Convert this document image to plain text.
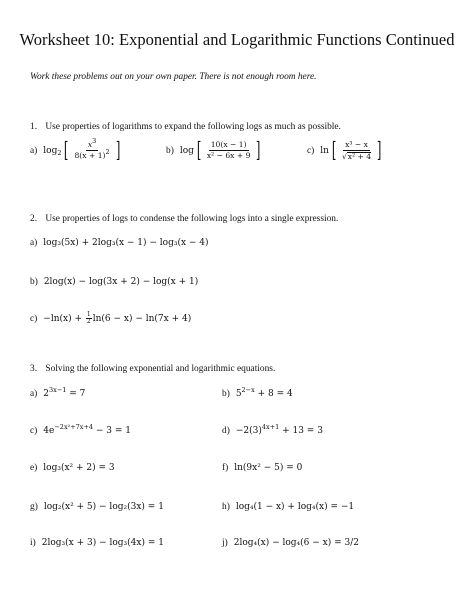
Worksheet 10: Exponential and Logarithmic Functions Continued
Work these problems out on your own paper. There is not enough room here.
1. Use properties of logarithms to expand the following logs as much as possible.
a) $\log_2$ [ $\frac{x^3}{8(x + 1)^2}$ ]	b) log [ $\frac{10(x - 1)}{\text{x² − 6x + 9}}$ ]	c) ln [ $\frac{\text{x³ − x}}{\text{√x² + 4}}$ ]
2. Use properties of logs to condense the following logs into a single expression.
a) log₃(5x) + 2log₃(x − 1) − log₃(x − 4)
b) 2log(x) − log(3x + 2) − log(x + 1)
$c) -\ln(x) + \frac{1}{2} \ln(6 - x) - \ln(7x + 4)$
3. Solving the following exponential and logarithmic equations.
a) $2^{3x-1} = 7$	b) $5^{2-x} + 8 = 4$
c) $4e^{-2x^2+7x+4} - 3 = 1$	$d) -2(3)^{4x+1} + 13 = 3$
e) log₃(x² + 2) = 3	f) ln(9x² − 5) = 0
g) log₂(x² + 5) − log₂(3x) = 1	h) log₄(1 − x) + log₄(x) = −1
i) 2log₃(x + 3) − log₃(4x) = 1	j) 2log₄(x) − log₄(6 − x) = 3/2
